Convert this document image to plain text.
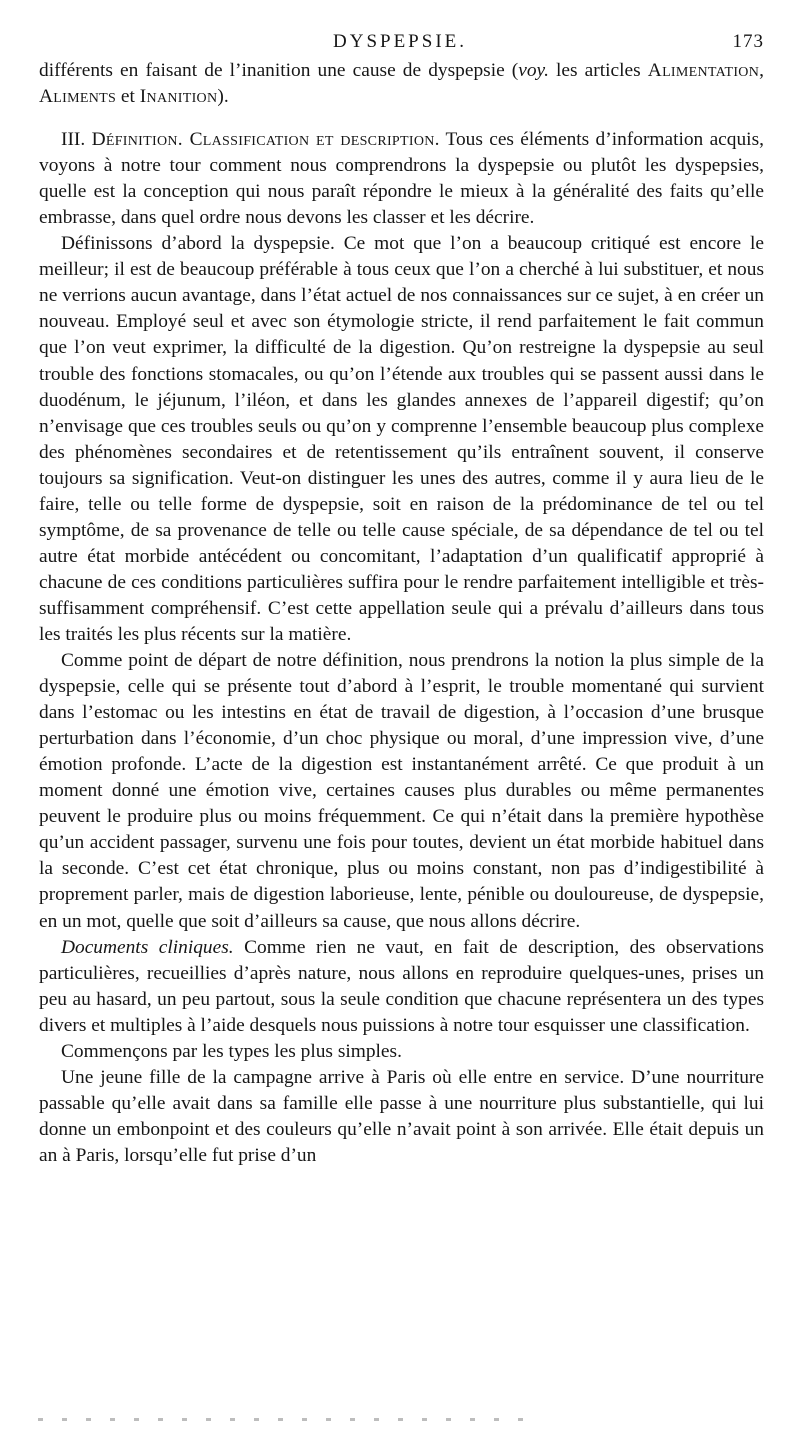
DYSPEPSIE.	173

différents en faisant de l’inanition une cause de dyspepsie (voy. les articles Alimentation, Aliments et Inanition).

III. Définition. Classification et description. Tous ces éléments d’information acquis, voyons à notre tour comment nous comprendrons la dyspepsie ou plutôt les dyspepsies, quelle est la conception qui nous paraît répondre le mieux à la généralité des faits qu’elle embrasse, dans quel ordre nous devons les classer et les décrire.

Définissons d’abord la dyspepsie. Ce mot que l’on a beaucoup critiqué est encore le meilleur; il est de beaucoup préférable à tous ceux que l’on a cherché à lui substituer, et nous ne verrions aucun avantage, dans l’état actuel de nos connaissances sur ce sujet, à en créer un nouveau. Employé seul et avec son étymologie stricte, il rend parfaitement le fait commun que l’on veut exprimer, la difficulté de la digestion. Qu’on restreigne la dyspepsie au seul trouble des fonctions stomacales, ou qu’on l’étende aux troubles qui se passent aussi dans le duodénum, le jéjunum, l’iléon, et dans les glandes annexes de l’appareil digestif; qu’on n’envisage que ces troubles seuls ou qu’on y comprenne l’ensemble beaucoup plus complexe des phénomènes secondaires et de retentissement qu’ils entraînent souvent, il conserve toujours sa signification. Veut-on distinguer les unes des autres, comme il y aura lieu de le faire, telle ou telle forme de dyspepsie, soit en raison de la prédominance de tel ou tel symptôme, de sa provenance de telle ou telle cause spéciale, de sa dépendance de tel ou tel autre état morbide antécédent ou concomitant, l’adaptation d’un qualificatif approprié à chacune de ces conditions particulières suffira pour le rendre parfaitement intelligible et très-suffisamment compréhensif. C’est cette appellation seule qui a prévalu d’ailleurs dans tous les traités les plus récents sur la matière.

Comme point de départ de notre définition, nous prendrons la notion la plus simple de la dyspepsie, celle qui se présente tout d’abord à l’esprit, le trouble momentané qui survient dans l’estomac ou les intestins en état de travail de digestion, à l’occasion d’une brusque perturbation dans l’économie, d’un choc physique ou moral, d’une impression vive, d’une émotion profonde. L’acte de la digestion est instantanément arrêté. Ce que produit à un moment donné une émotion vive, certaines causes plus durables ou même permanentes peuvent le produire plus ou moins fréquemment. Ce qui n’était dans la première hypothèse qu’un accident passager, survenu une fois pour toutes, devient un état morbide habituel dans la seconde. C’est cet état chronique, plus ou moins constant, non pas d’indigestibilité à proprement parler, mais de digestion laborieuse, lente, pénible ou douloureuse, de dyspepsie, en un mot, quelle que soit d’ailleurs sa cause, que nous allons décrire.

Documents cliniques. Comme rien ne vaut, en fait de description, des observations particulières, recueillies d’après nature, nous allons en reproduire quelques-unes, prises un peu au hasard, un peu partout, sous la seule condition que chacune représentera un des types divers et multiples à l’aide desquels nous puissions à notre tour esquisser une classification.

Commençons par les types les plus simples.

Une jeune fille de la campagne arrive à Paris où elle entre en service. D’une nourriture passable qu’elle avait dans sa famille elle passe à une nourriture plus substantielle, qui lui donne un embonpoint et des couleurs qu’elle n’avait point à son arrivée. Elle était depuis un an à Paris, lorsqu’elle fut prise d’un
